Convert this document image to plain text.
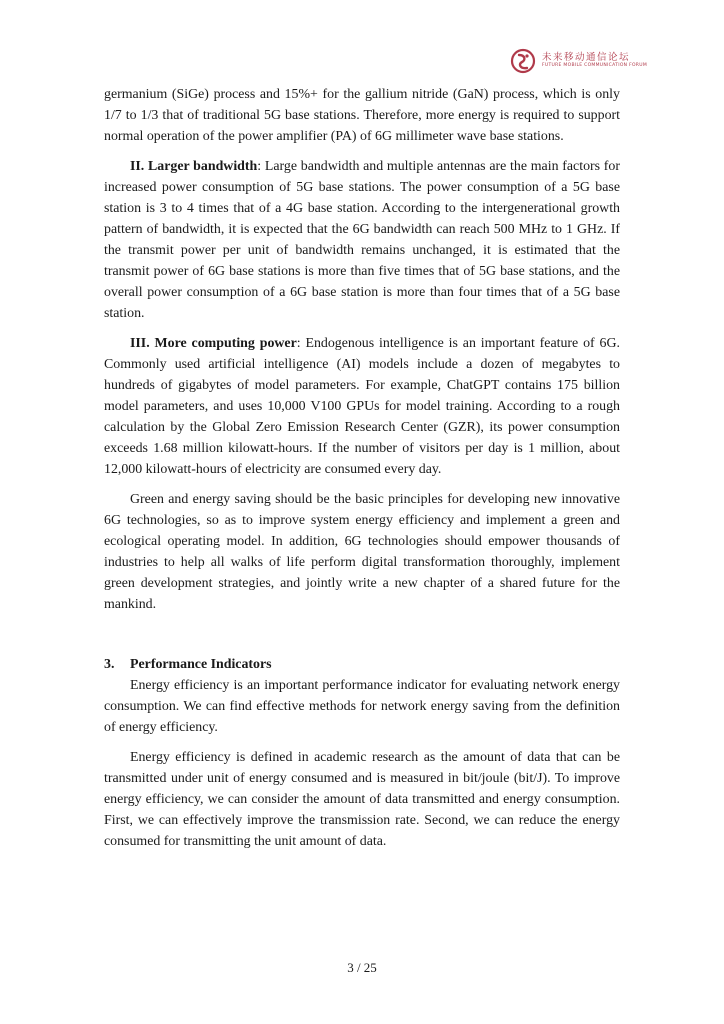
未来移动通信论坛
FUTURE MOBILE COMMUNICATION FORUM

germanium (SiGe) process and 15%+ for the gallium nitride (GaN) process, which is only 1/7 to 1/3 that of traditional 5G base stations. Therefore, more energy is required to support normal operation of the power amplifier (PA) of 6G millimeter wave base stations.

II. Larger bandwidth: Large bandwidth and multiple antennas are the main factors for increased power consumption of 5G base stations. The power consumption of a 5G base station is 3 to 4 times that of a 4G base station. According to the intergenerational growth pattern of bandwidth, it is expected that the 6G bandwidth can reach 500 MHz to 1 GHz. If the transmit power per unit of bandwidth remains unchanged, it is estimated that the transmit power of 6G base stations is more than five times that of 5G base stations, and the overall power consumption of a 6G base station is more than four times that of a 5G base station.

III. More computing power: Endogenous intelligence is an important feature of 6G. Commonly used artificial intelligence (AI) models include a dozen of megabytes to hundreds of gigabytes of model parameters. For example, ChatGPT contains 175 billion model parameters, and uses 10,000 V100 GPUs for model training. According to a rough calculation by the Global Zero Emission Research Center (GZR), its power consumption exceeds 1.68 million kilowatt-hours. If the number of visitors per day is 1 million, about 12,000 kilowatt-hours of electricity are consumed every day.

Green and energy saving should be the basic principles for developing new innovative 6G technologies, so as to improve system energy efficiency and implement a green and ecological operating model. In addition, 6G technologies should empower thousands of industries to help all walks of life perform digital transformation thoroughly, implement green development strategies, and jointly write a new chapter of a shared future for the mankind.

3. Performance Indicators

Energy efficiency is an important performance indicator for evaluating network energy consumption. We can find effective methods for network energy saving from the definition of energy efficiency.

Energy efficiency is defined in academic research as the amount of data that can be transmitted under unit of energy consumed and is measured in bit/joule (bit/J). To improve energy efficiency, we can consider the amount of data transmitted and energy consumption. First, we can effectively improve the transmission rate. Second, we can reduce the energy consumed for transmitting the unit amount of data.

3 / 25
